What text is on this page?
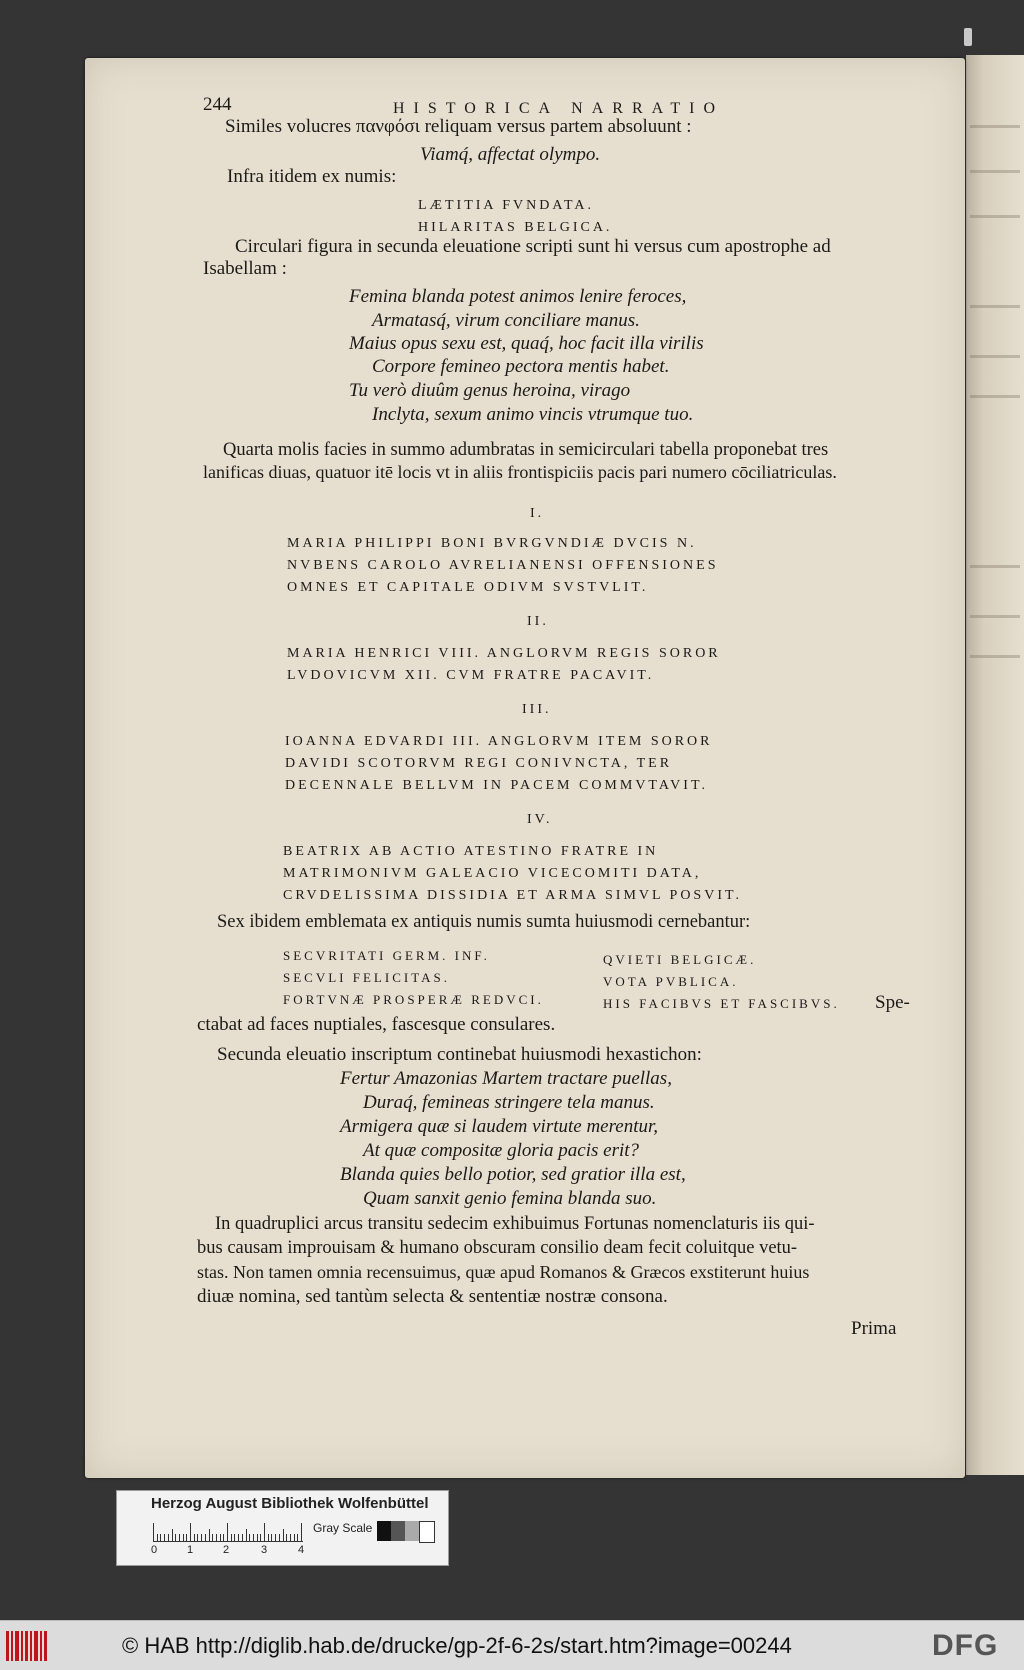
244	HISTORICA NARRATIO
Similes volucres πανφόσι reliquam versus partem absoluunt :
Viamq́, affectat olympo.
Infra itidem ex numis:
LÆTITIA FVNDATA.
HILARITAS BELGICA.
Circulari figura in secunda eleuatione scripti sunt hi versus cum apostrophe ad
Isabellam :
Femina blanda potest animos lenire feroces,
Armatasq́, virum conciliare manus.
Maius opus sexu est, quaq́, hoc facit illa virilis
Corpore femineo pectora mentis habet.
Tu verò diuûm genus heroina, virago
Inclyta, sexum animo vincis vtrumque tuo.
Quarta molis facies in summo adumbratas in semicirculari tabella proponebat tres
lanificas diuas, quatuor itē locis vt in aliis frontispiciis pacis pari numero cōciliatriculas.
I.
MARIA PHILIPPI BONI BVRGVNDIÆ DVCIS N.
NVBENS CAROLO AVRELIANENSI OFFENSIONES
OMNES ET CAPITALE ODIVM SVSTVLIT.
II.
MARIA HENRICI VIII. ANGLORVM REGIS SOROR
LVDOVICVM XII. CVM FRATRE PACAVIT.
III.
IOANNA EDVARDI III. ANGLORVM ITEM SOROR
DAVIDI SCOTORVM REGI CONIVNCTA, TER
DECENNALE BELLVM IN PACEM COMMVTAVIT.
IV.
BEATRIX AB ACTIO ATESTINO FRATRE IN
MATRIMONIVM GALEACIO VICECOMITI DATA,
CRVDELISSIMA DISSIDIA ET ARMA SIMVL POSVIT.
Sex ibidem emblemata ex antiquis numis sumta huiusmodi cernebantur:
SECVRITATI GERM. INF.	QVIETI BELGICÆ.
SECVLI FELICITAS.	VOTA PVBLICA.
FORTVNÆ PROSPERÆ REDVCI.	HIS FACIBVS ET FASCIBVS. Spe-
ctabat ad faces nuptiales, fascesque consulares.
Secunda eleuatio inscriptum continebat huiusmodi hexastichon:
Fertur Amazonias Martem tractare puellas,
Duraq́, femineas stringere tela manus.
Armigera quæ si laudem virtute merentur,
At quæ compositæ gloria pacis erit?
Blanda quies bello potior, sed gratior illa est,
Quam sanxit genio femina blanda suo.
In quadruplici arcus transitu sedecim exhibuimus Fortunas nomenclaturis iis qui-
bus causam improuisam & humano obscuram consilio deam fecit coluitque vetu-
stas. Non tamen omnia recensuimus, quæ apud Romanos & Græcos exstiterunt huius
diuæ nomina, sed tantùm selecta & sententiæ nostræ consona.
Prima
Herzog August Bibliothek Wolfenbüttel
0	1	2	3	4
Gray Scale
© HAB http://diglib.hab.de/drucke/gp-2f-6-2s/start.htm?image=00244	DFG
